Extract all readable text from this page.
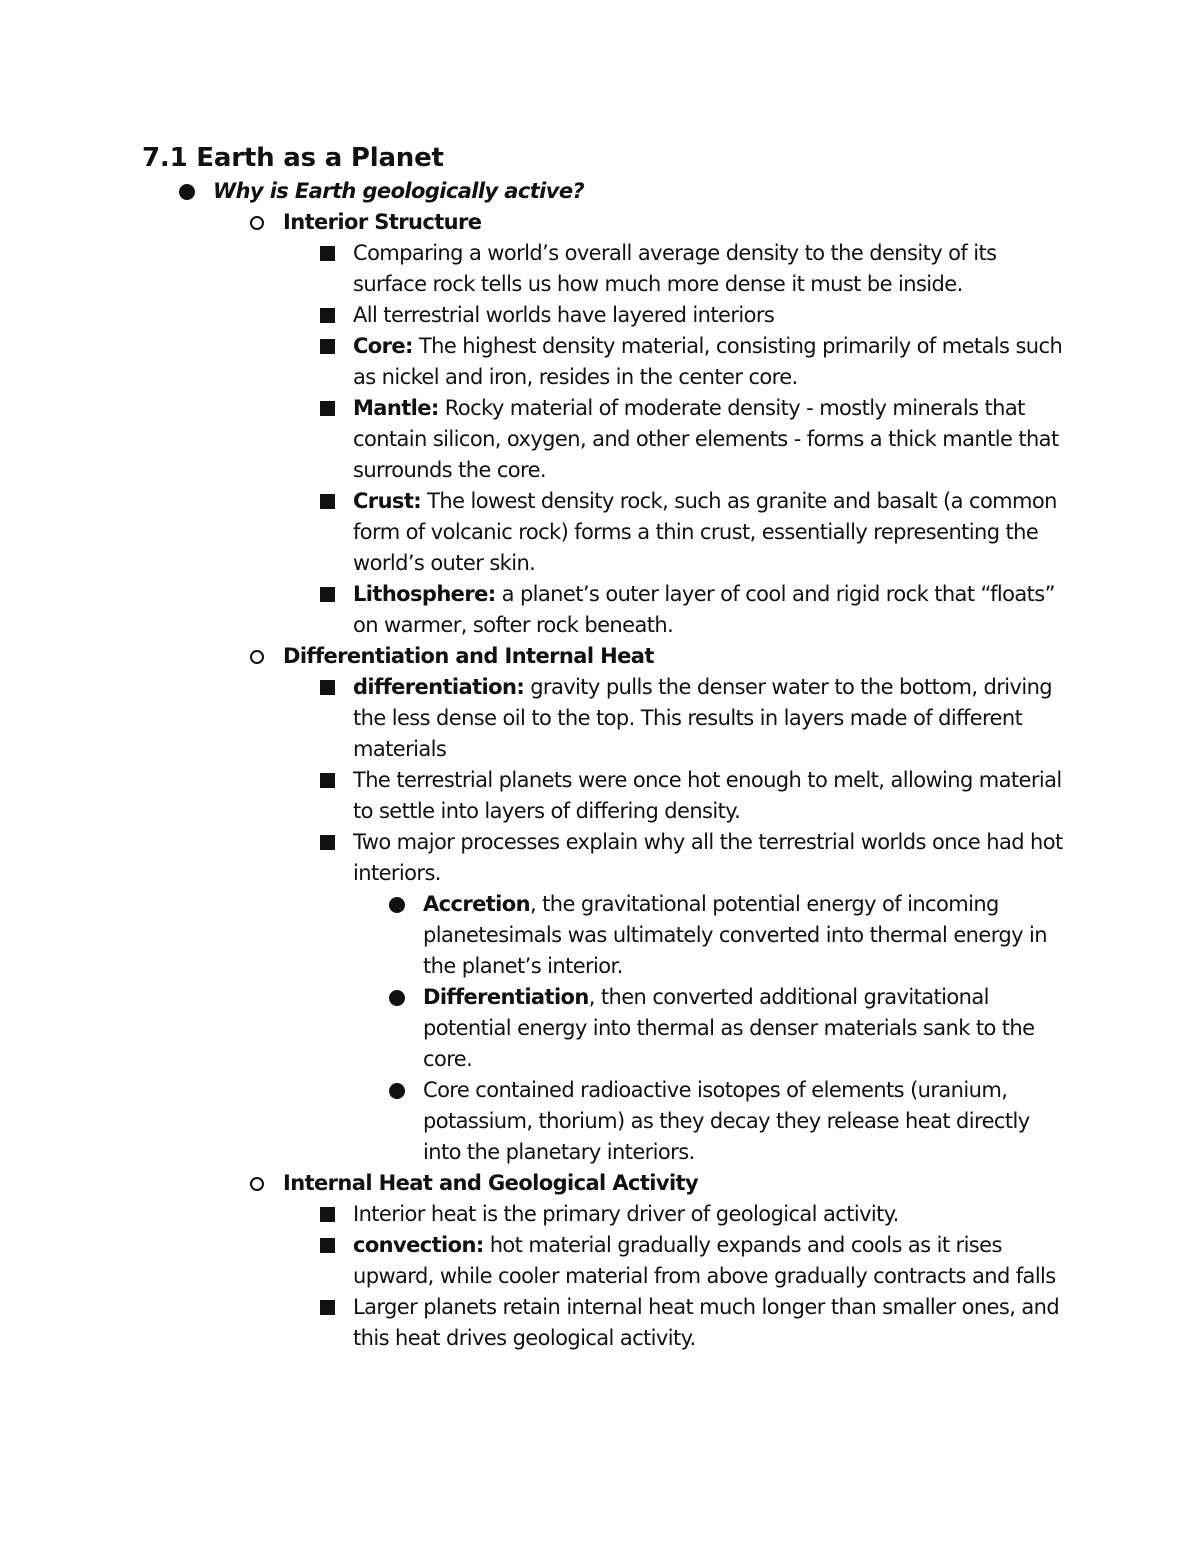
7.1 Earth as a Planet
Why is Earth geologically active?
Interior Structure
Comparing a world’s overall average density to the density of its surface rock tells us how much more dense it must be inside.
All terrestrial worlds have layered interiors
Core: The highest density material, consisting primarily of metals such as nickel and iron, resides in the center core.
Mantle: Rocky material of moderate density - mostly minerals that contain silicon, oxygen, and other elements - forms a thick mantle that surrounds the core.
Crust: The lowest density rock, such as granite and basalt (a common form of volcanic rock) forms a thin crust, essentially representing the world’s outer skin.
Lithosphere: a planet’s outer layer of cool and rigid rock that “floats” on warmer, softer rock beneath.
Differentiation and Internal Heat
differentiation: gravity pulls the denser water to the bottom, driving the less dense oil to the top. This results in layers made of different materials
The terrestrial planets were once hot enough to melt, allowing material to settle into layers of differing density.
Two major processes explain why all the terrestrial worlds once had hot interiors.
Accretion, the gravitational potential energy of incoming planetesimals was ultimately converted into thermal energy in the planet’s interior.
Differentiation, then converted additional gravitational potential energy into thermal as denser materials sank to the core.
Core contained radioactive isotopes of elements (uranium, potassium, thorium) as they decay they release heat directly into the planetary interiors.
Internal Heat and Geological Activity
Interior heat is the primary driver of geological activity.
convection: hot material gradually expands and cools as it rises upward, while cooler material from above gradually contracts and falls
Larger planets retain internal heat much longer than smaller ones, and this heat drives geological activity.
